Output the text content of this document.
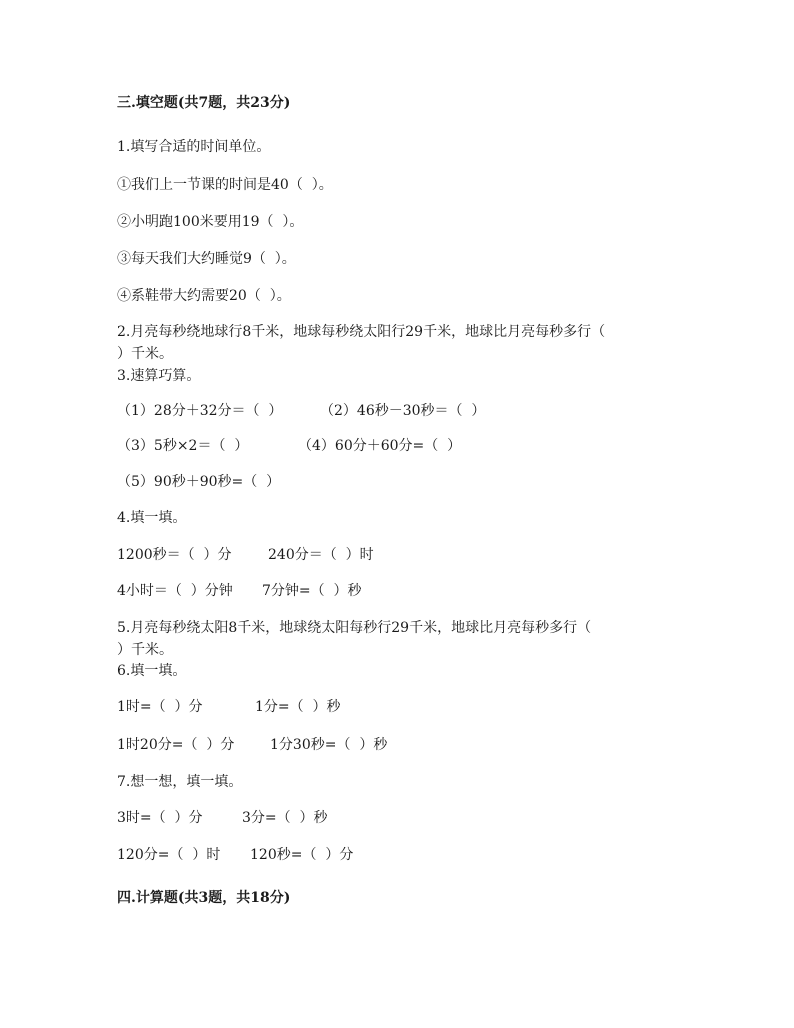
三.填空题(共7题，共23分)
1.填写合适的时间单位。
①我们上一节课的时间是40（  ）。
②小明跑100米要用19（  ）。
③每天我们大约睡觉9（  ）。
④系鞋带大约需要20（  ）。
2.月亮每秒绕地球行8千米，地球每秒绕太阳行29千米，地球比月亮每秒多行（
）千米。
3.速算巧算。
（1）28分＋32分＝（  ）	（2）46秒－30秒＝（  ）
（3）5秒×2＝（  ）	（4）60分＋60分=（  ）
（5）90秒＋90秒=（  ）
4.填一填。
1200秒＝（  ）分	240分＝（  ）时
4小时＝（  ）分钟 7分钟=（  ）秒
5.月亮每秒绕太阳8千米，地球绕太阳每秒行29千米，地球比月亮每秒多行（
）千米。
6.填一填。
1时=（  ）分	1分=（  ）秒
1时20分=（  ）分	1分30秒=（  ）秒
7.想一想，填一填。
3时=（  ）分	3分=（  ）秒
120分=（  ）时 120秒=（  ）分
四.计算题(共3题，共18分)
